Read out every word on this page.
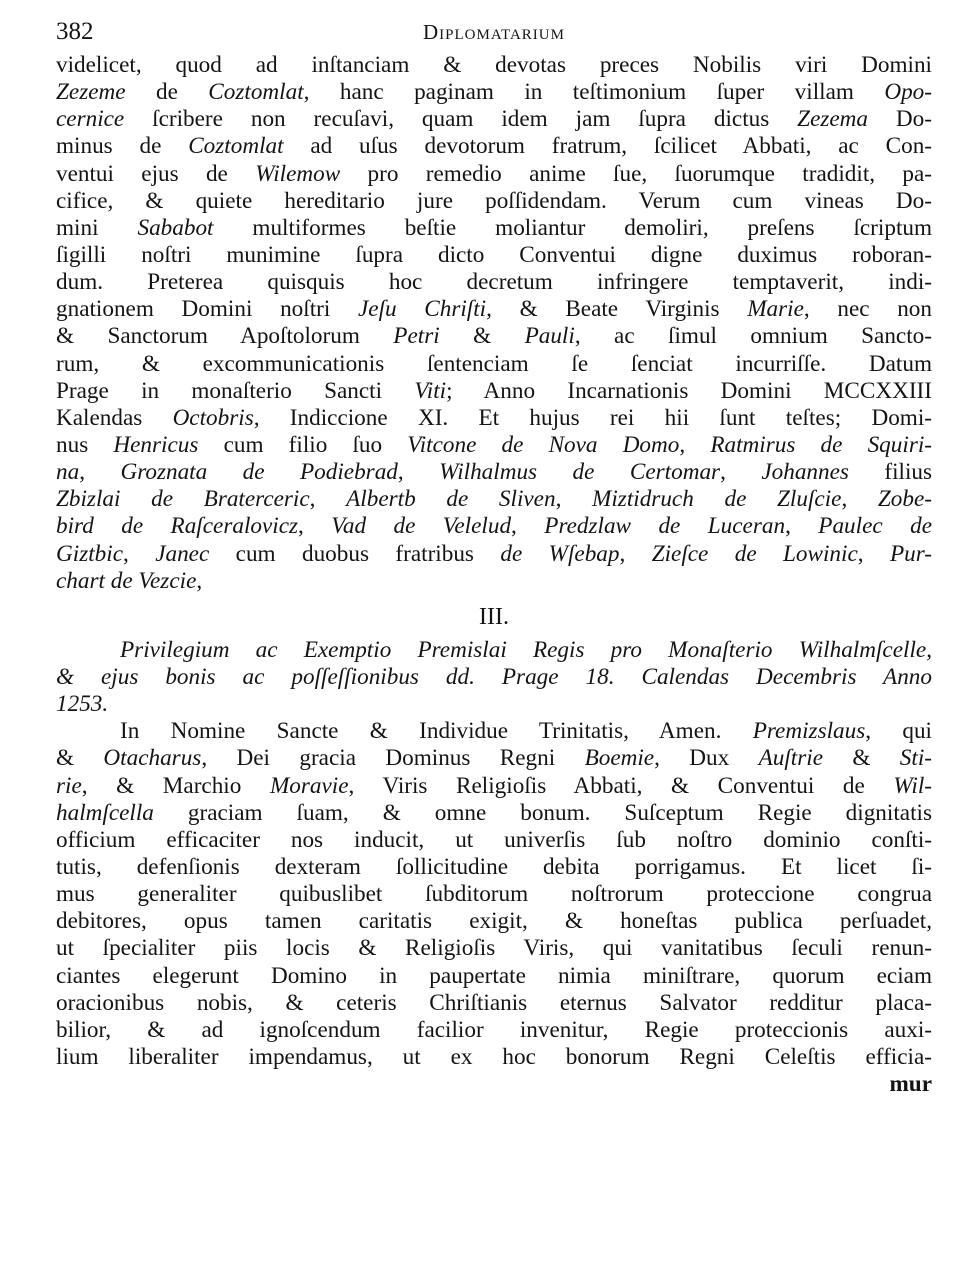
382	Diplomatarium
videlicet, quod ad inſtanciam & devotas preces Nobilis viri Domini
Zezeme de Coztomlat, hanc paginam in teſtimonium ſuper villam Opo-
cernice ſcribere non recuſavi, quam idem jam ſupra dictus Zezema Do-
minus de Coztomlat ad uſus devotorum fratrum, ſcilicet Abbati, ac Con-
ventui ejus de Wilemow pro remedio anime ſue, ſuorumque tradidit, pa-
cifice, & quiete hereditario jure poſſidendam. Verum cum vineas Do-
mini Sababot multiformes beſtie moliantur demoliri, preſens ſcriptum
ſigilli noſtri munimine ſupra dicto Conventui digne duximus roboran-
dum. Preterea quisquis hoc decretum infringere temptaverit, indi-
gnationem Domini noſtri Jeſu Chriſti, & Beate Virginis Marie, nec non
& Sanctorum Apoſtolorum Petri & Pauli, ac ſimul omnium Sancto-
rum, & excommunicationis ſentenciam ſe ſenciat incurriſſe. Datum
Prage in monaſterio Sancti Viti; Anno Incarnationis Domini MCCXXIII
Kalendas Octobris, Indiccione XI. Et hujus rei hii ſunt teſtes; Domi-
nus Henricus cum filio ſuo Vitcone de Nova Domo, Ratmirus de Squiri-
na, Groznata de Podiebrad, Wilhalmus de Certomar, Johannes filius
Zbizlai de Braterceric, Albertb de Sliven, Miztidruch de Zluſcie, Zobe-
bird de Raſceralovicz, Vad de Velelud, Predzlaw de Luceran, Paulec de
Giztbic, Janec cum duobus fratribus de Wſebap, Zieſce de Lowinic, Pur-
chart de Vezcie,
III.
Privilegium ac Exemptio Premislai Regis pro Monaſterio Wilhalmſcelle,
& ejus bonis ac poſſeſſionibus dd. Prage 18. Calendas Decembris Anno
1253.
In Nomine Sancte & Individue Trinitatis, Amen. Premizslaus, qui
& Otacharus, Dei gracia Dominus Regni Boemie, Dux Auſtrie & Sti-
rie, & Marchio Moravie, Viris Religioſis Abbati, & Conventui de Wil-
halmſcella graciam ſuam, & omne bonum. Suſceptum Regie dignitatis
officium efficaciter nos inducit, ut univerſis ſub noſtro dominio conſti-
tutis, defenſionis dexteram ſollicitudine debita porrigamus. Et licet ſi-
mus generaliter quibuslibet ſubditorum noſtrorum proteccione congrua
debitores, opus tamen caritatis exigit, & honeſtas publica perſuadet,
ut ſpecialiter piis locis & Religioſis Viris, qui vanitatibus ſeculi renun-
ciantes elegerunt Domino in paupertate nimia miniſtrare, quorum eciam
oracionibus nobis, & ceteris Chriſtianis eternus Salvator redditur placa-
bilior, & ad ignoſcendum facilior invenitur, Regie proteccionis auxi-
lium liberaliter impendamus, ut ex hoc bonorum Regni Celeſtis efficia-
mur
